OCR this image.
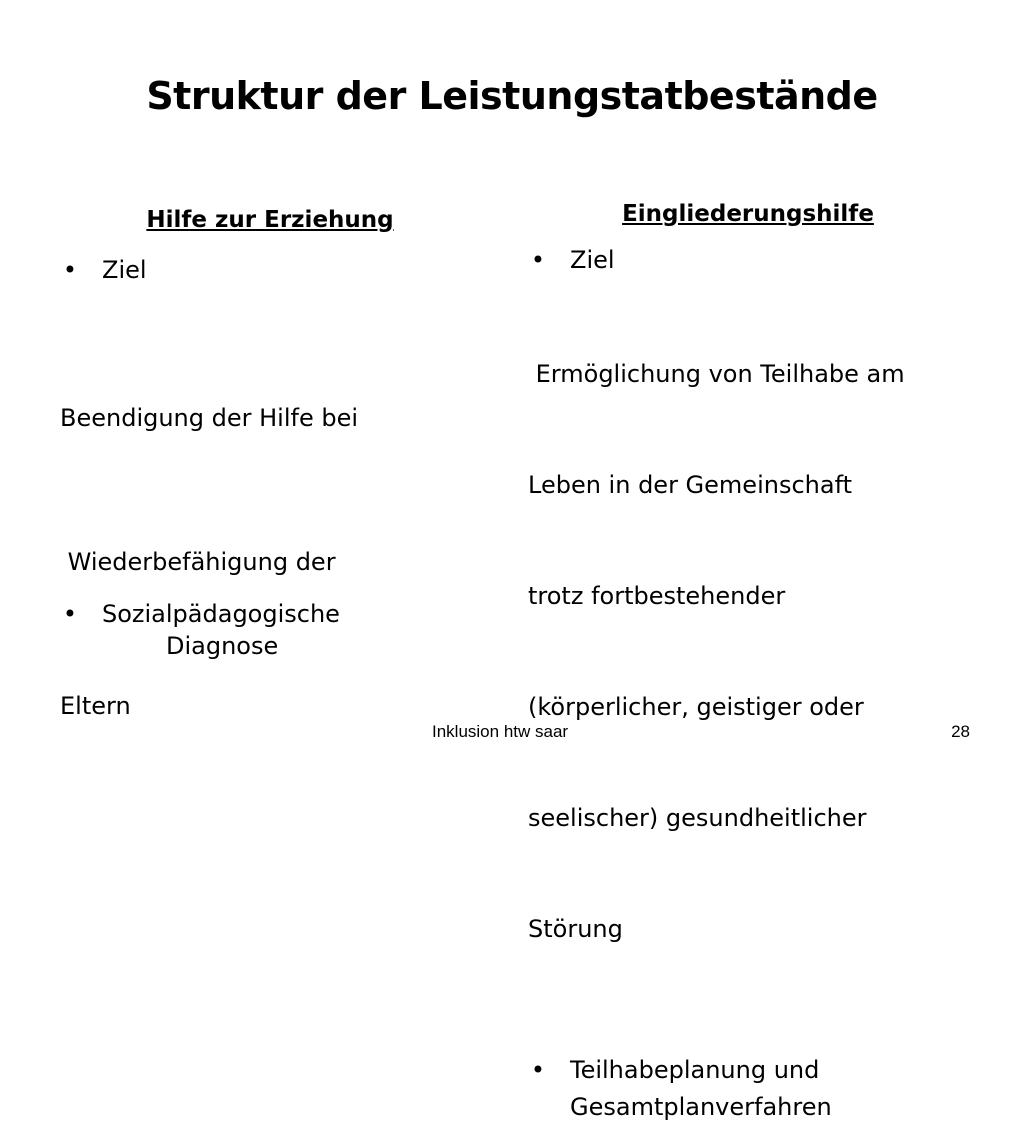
Struktur der Leistungstatbestände

Hilfe zur Erziehung

• Ziel

Beendigung der Hilfe bei

Wiederbefähigung der

Eltern

• Sozialpädagogische
Diagnose

Eingliederungshilfe

• Ziel

Ermöglichung von Teilhabe am

Leben in der Gemeinschaft

trotz fortbestehender

(körperlicher, geistiger oder

seelischer) gesundheitlicher

Störung

• Teilhabeplanung und
Gesamtplanverfahren

Inklusion htw saar	28
